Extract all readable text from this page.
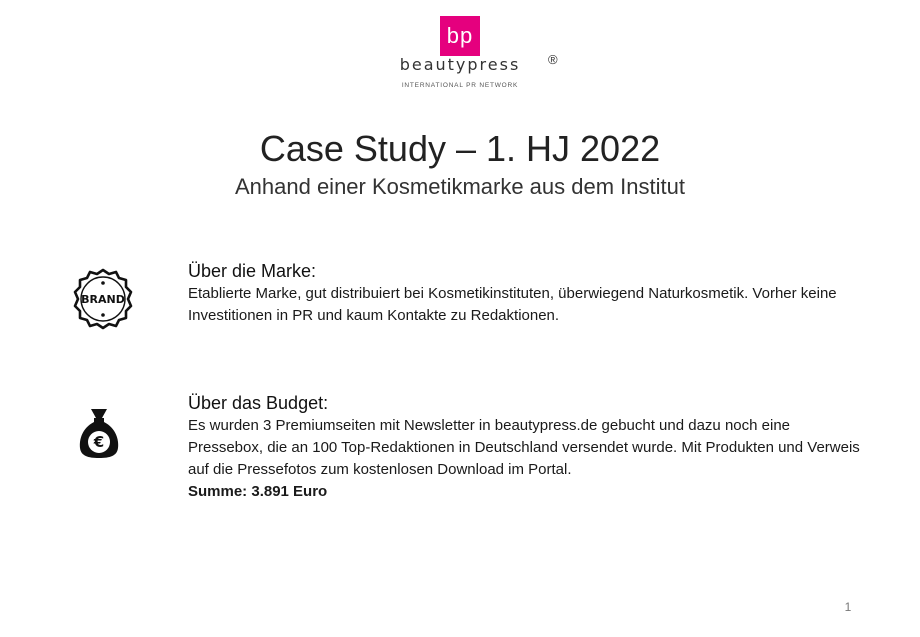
bp
beautypress	®
INTERNATIONAL PR NETWORK
Case Study – 1. HJ 2022
Anhand einer Kosmetikmarke aus dem Institut
BRAND
€
Über die Marke:

Etablierte Marke, gut distribuiert bei Kosmetikinstituten, überwiegend Naturkosmetik. Vorher keine Investitionen in PR und kaum Kontakte zu Redaktionen.

Über das Budget:

Es wurden 3 Premiumseiten mit Newsletter in beautypress.de gebucht und dazu noch eine Pressebox, die an 100 Top-Redaktionen in Deutschland versendet wurde. Mit Produkten und Verweis auf die Pressefotos zum kostenlosen Download im Portal.

Summe: 3.891 Euro

1
